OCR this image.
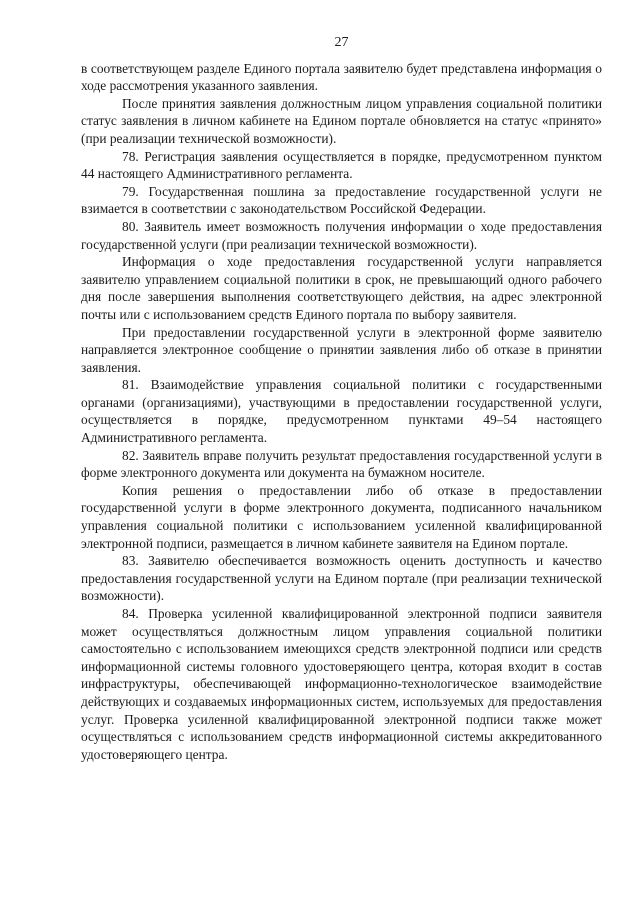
27

в соответствующем разделе Единого портала заявителю будет представлена информация о ходе рассмотрения указанного заявления.

После принятия заявления должностным лицом управления социальной политики статус заявления в личном кабинете на Едином портале обновляется на статус «принято» (при реализации технической возможности).

78. Регистрация заявления осуществляется в порядке, предусмотренном пунктом 44 настоящего Административного регламента.

79. Государственная пошлина за предоставление государственной услуги не взимается в соответствии с законодательством Российской Федерации.

80. Заявитель имеет возможность получения информации о ходе предоставления государственной услуги (при реализации технической возможности).

Информация о ходе предоставления государственной услуги направляется заявителю управлением социальной политики в срок, не превышающий одного рабочего дня после завершения выполнения соответствующего действия, на адрес электронной почты или с использованием средств Единого портала по выбору заявителя.

При предоставлении государственной услуги в электронной форме заявителю направляется электронное сообщение о принятии заявления либо об отказе в принятии заявления.

81. Взаимодействие управления социальной политики с государственными органами (организациями), участвующими в предоставлении государственной услуги, осуществляется в порядке, предусмотренном пунктами 49–54 настоящего Административного регламента.

82. Заявитель вправе получить результат предоставления государственной услуги в форме электронного документа или документа на бумажном носителе.

Копия решения о предоставлении либо об отказе в предоставлении государственной услуги в форме электронного документа, подписанного начальником управления социальной политики с использованием усиленной квалифицированной электронной подписи, размещается в личном кабинете заявителя на Едином портале.

83. Заявителю обеспечивается возможность оценить доступность и качество предоставления государственной услуги на Едином портале (при реализации технической возможности).

84. Проверка усиленной квалифицированной электронной подписи заявителя может осуществляться должностным лицом управления социальной политики самостоятельно с использованием имеющихся средств электронной подписи или средств информационной системы головного удостоверяющего центра, которая входит в состав инфраструктуры, обеспечивающей информационно-технологическое взаимодействие действующих и создаваемых информационных систем, используемых для предоставления услуг. Проверка усиленной квалифицированной электронной подписи также может осуществляться с использованием средств информационной системы аккредитованного удостоверяющего центра.
